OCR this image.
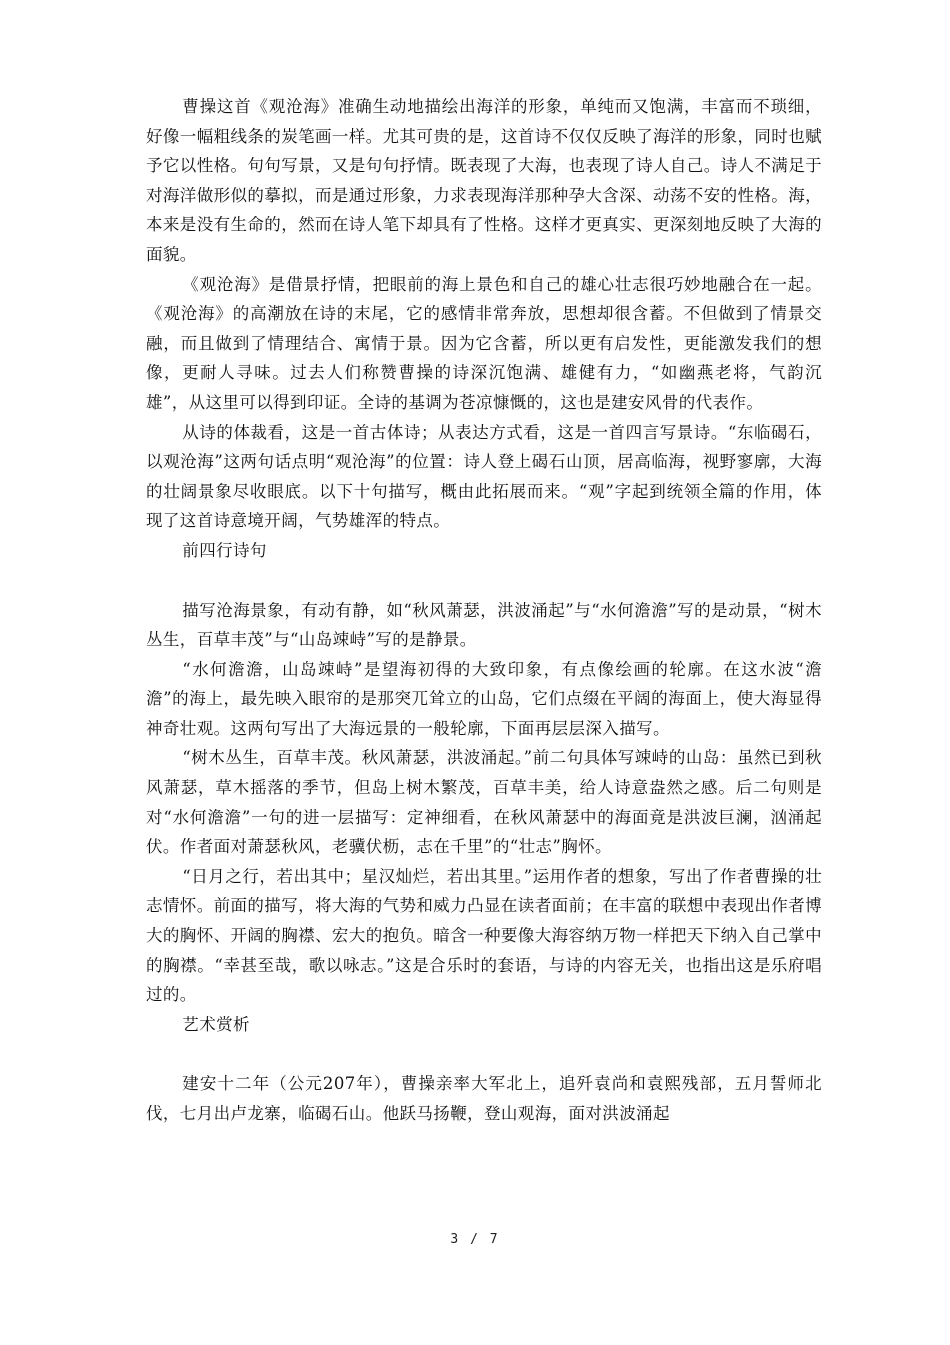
曹操这首《观沧海》准确生动地描绘出海洋的形象，单纯而又饱满，丰富而不琐细，好像一幅粗线条的炭笔画一样。尤其可贵的是，这首诗不仅仅反映了海洋的形象，同时也赋予它以性格。句句写景，又是句句抒情。既表现了大海，也表现了诗人自己。诗人不满足于对海洋做形似的摹拟，而是通过形象，力求表现海洋那种孕大含深、动荡不安的性格。海，本来是没有生命的，然而在诗人笔下却具有了性格。这样才更真实、更深刻地反映了大海的面貌。

《观沧海》是借景抒情，把眼前的海上景色和自己的雄心壮志很巧妙地融合在一起。《观沧海》的高潮放在诗的末尾，它的感情非常奔放，思想却很含蓄。不但做到了情景交融，而且做到了情理结合、寓情于景。因为它含蓄，所以更有启发性，更能激发我们的想像，更耐人寻味。过去人们称赞曹操的诗深沉饱满、雄健有力，“如幽燕老将，气韵沉雄”，从这里可以得到印证。全诗的基调为苍凉慷慨的，这也是建安风骨的代表作。

从诗的体裁看，这是一首古体诗；从表达方式看，这是一首四言写景诗。“东临碣石，以观沧海”这两句话点明“观沧海”的位置：诗人登上碣石山顶，居高临海，视野寥廓，大海的壮阔景象尽收眼底。以下十句描写，概由此拓展而来。“观”字起到统领全篇的作用，体现了这首诗意境开阔，气势雄浑的特点。

前四行诗句

描写沧海景象，有动有静，如“秋风萧瑟，洪波涌起”与“水何澹澹”写的是动景，“树木丛生，百草丰茂”与“山岛竦峙”写的是静景。

“水何澹澹，山岛竦峙”是望海初得的大致印象，有点像绘画的轮廓。在这水波“澹澹”的海上，最先映入眼帘的是那突兀耸立的山岛，它们点缀在平阔的海面上，使大海显得神奇壮观。这两句写出了大海远景的一般轮廓，下面再层层深入描写。

“树木丛生，百草丰茂。秋风萧瑟，洪波涌起。”前二句具体写竦峙的山岛：虽然已到秋风萧瑟，草木摇落的季节，但岛上树木繁茂，百草丰美，给人诗意盎然之感。后二句则是对“水何澹澹”一句的进一层描写：定神细看，在秋风萧瑟中的海面竟是洪波巨澜，汹涌起伏。作者面对萧瑟秋风，老骥伏枥，志在千里”的“壮志”胸怀。

“日月之行，若出其中；星汉灿烂，若出其里。”运用作者的想象，写出了作者曹操的壮志情怀。前面的描写，将大海的气势和威力凸显在读者面前；在丰富的联想中表现出作者博大的胸怀、开阔的胸襟、宏大的抱负。暗含一种要像大海容纳万物一样把天下纳入自己掌中的胸襟。“幸甚至哉，歌以咏志。”这是合乐时的套语，与诗的内容无关，也指出这是乐府唱过的。

艺术赏析

建安十二年（公元207年），曹操亲率大军北上，追歼袁尚和袁熙残部，五月誓师北伐，七月出卢龙寨，临碣石山。他跃马扬鞭，登山观海，面对洪波涌起

3 / 7
